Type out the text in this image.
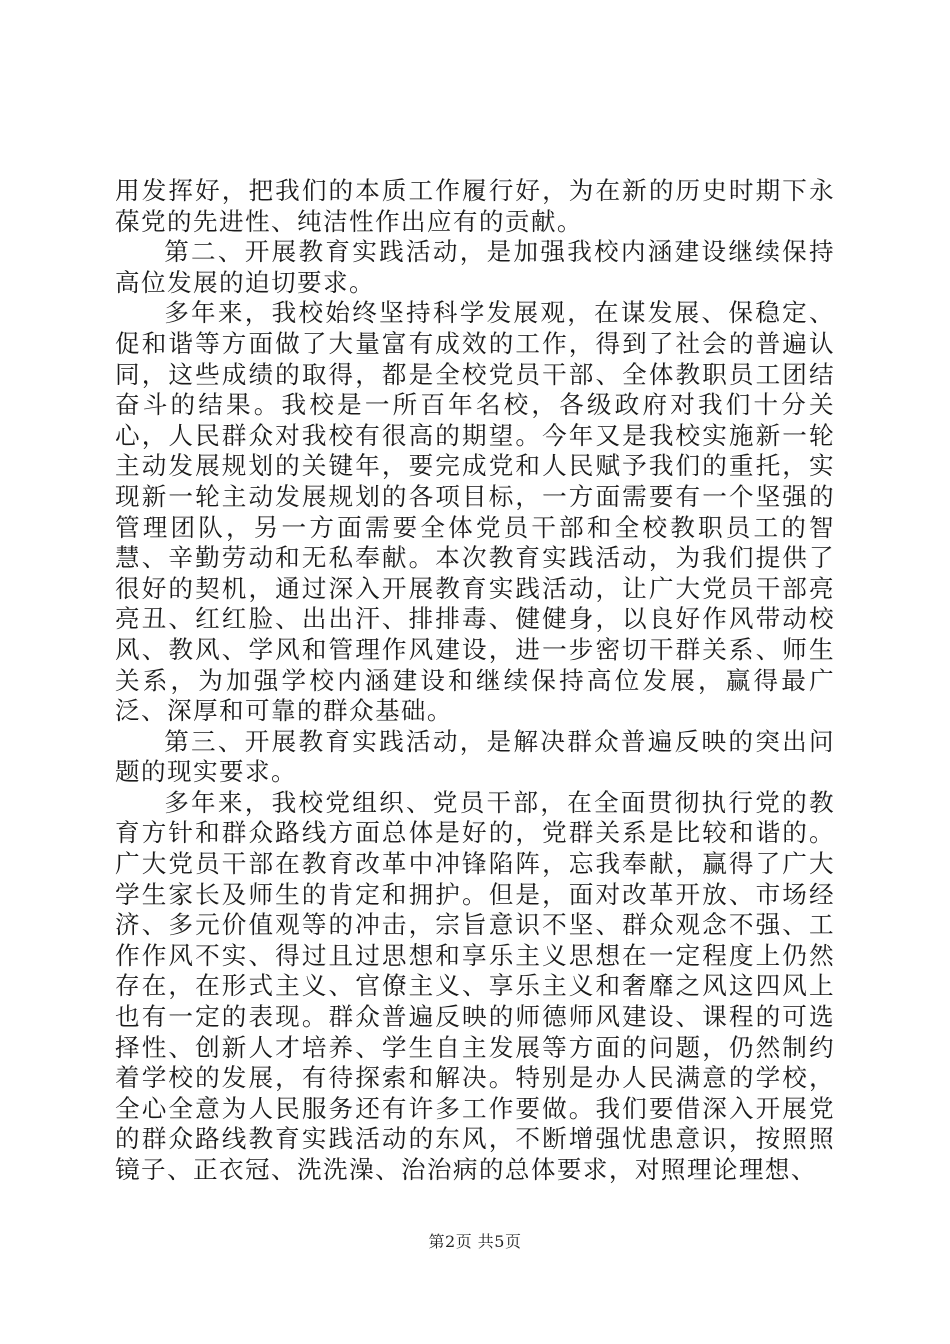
用发挥好，把我们的本质工作履行好，为在新的历史时期下永葆党的先进性、纯洁性作出应有的贡献。

第二、开展教育实践活动，是加强我校内涵建设继续保持高位发展的迫切要求。

多年来，我校始终坚持科学发展观，在谋发展、保稳定、促和谐等方面做了大量富有成效的工作，得到了社会的普遍认同，这些成绩的取得，都是全校党员干部、全体教职员工团结奋斗的结果。我校是一所百年名校，各级政府对我们十分关心，人民群众对我校有很高的期望。今年又是我校实施新一轮主动发展规划的关键年，要完成党和人民赋予我们的重托，实现新一轮主动发展规划的各项目标，一方面需要有一个坚强的管理团队，另一方面需要全体党员干部和全校教职员工的智慧、辛勤劳动和无私奉献。本次教育实践活动，为我们提供了很好的契机，通过深入开展教育实践活动，让广大党员干部亮亮丑、红红脸、出出汗、排排毒、健健身，以良好作风带动校风、教风、学风和管理作风建设，进一步密切干群关系、师生关系，为加强学校内涵建设和继续保持高位发展，赢得最广泛、深厚和可靠的群众基础。

第三、开展教育实践活动，是解决群众普遍反映的突出问题的现实要求。

多年来，我校党组织、党员干部，在全面贯彻执行党的教育方针和群众路线方面总体是好的，党群关系是比较和谐的。广大党员干部在教育改革中冲锋陷阵，忘我奉献，赢得了广大学生家长及师生的肯定和拥护。但是，面对改革开放、市场经济、多元价值观等的冲击，宗旨意识不坚、群众观念不强、工作作风不实、得过且过思想和享乐主义思想在一定程度上仍然存在，在形式主义、官僚主义、享乐主义和奢靡之风这四风上也有一定的表现。群众普遍反映的师德师风建设、课程的可选择性、创新人才培养、学生自主发展等方面的问题，仍然制约着学校的发展，有待探索和解决。特别是办人民满意的学校，全心全意为人民服务还有许多工作要做。我们要借深入开展党的群众路线教育实践活动的东风，不断增强忧患意识，按照照镜子、正衣冠、洗洗澡、治治病的总体要求，对照理论理想、

第2页 共5页
